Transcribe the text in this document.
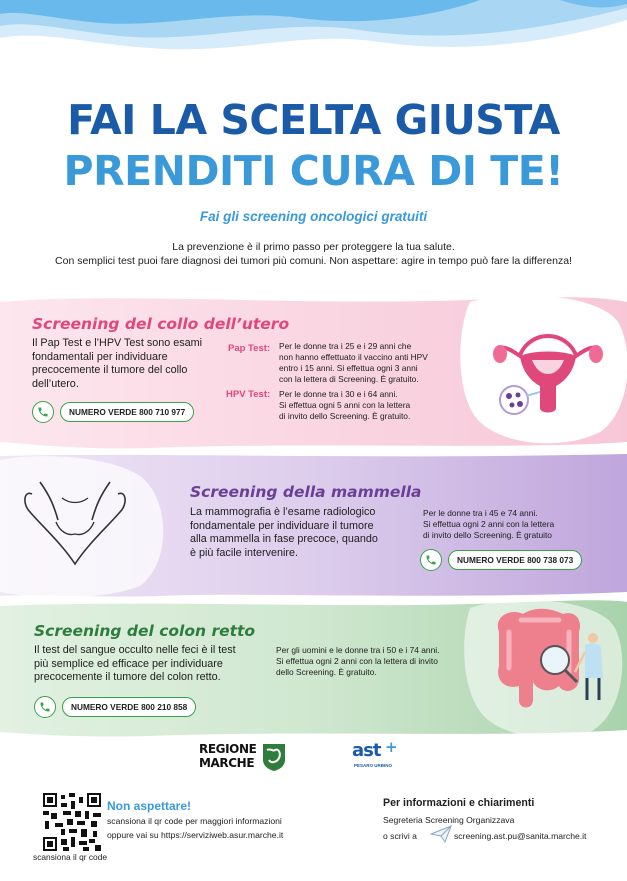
FAI LA SCELTA GIUSTA
PRENDITI CURA DI TE!
Fai gli screening oncologici gratuiti
La prevenzione è il primo passo per proteggere la tua salute.
Con semplici test puoi fare diagnosi dei tumori più comuni. Non aspettare: agire in tempo può fare la differenza!
Screening del collo dell’utero
Il Pap Test e l’HPV Test sono esami
fondamentali per individuare
precocemente il tumore del collo
dell’utero.
Pap Test: Per le donne tra i 25 e i 29 anni che
non hanno effettuato il vaccino anti HPV
entro i 15 anni. Si effettua ogni 3 anni
con la lettera di Screening. È gratuito.
HPV Test: Per le donne tra i 30 e i 64 anni.
Si effettua ogni 5 anni con la lettera
di invito dello Screening. È gratuito.
NUMERO VERDE 800 710 977
Screening della mammella
La mammografia è l’esame radiologico
fondamentale per individuare il tumore
alla mammella in fase precoce, quando
è più facile intervenire.
Per le donne tra i 45 e 74 anni.
Si effettua ogni 2 anni con la lettera
di invito dello Screening. È gratuito
NUMERO VERDE 800 738 073
Screening del colon retto
Il test del sangue occulto nelle feci è il test
più semplice ed efficace per individuare
precocemente il tumore del colon retto.
Per gli uomini e le donne tra i 50 e i 74 anni.
Si effettua ogni 2 anni con la lettera di invito
dello Screening. È gratuito.
NUMERO VERDE 800 210 858
REGIONE
MARCHE
ast +
PESARO URBINO
scansiona il qr code
Non aspettare!
scansiona il qr code per maggiori informazioni
oppure vai su https://serviziweb.asur.marche.it
Per informazioni e chiarimenti
Segreteria Screening Organizzava
o scrivi a	screening.ast.pu@sanita.marche.it
